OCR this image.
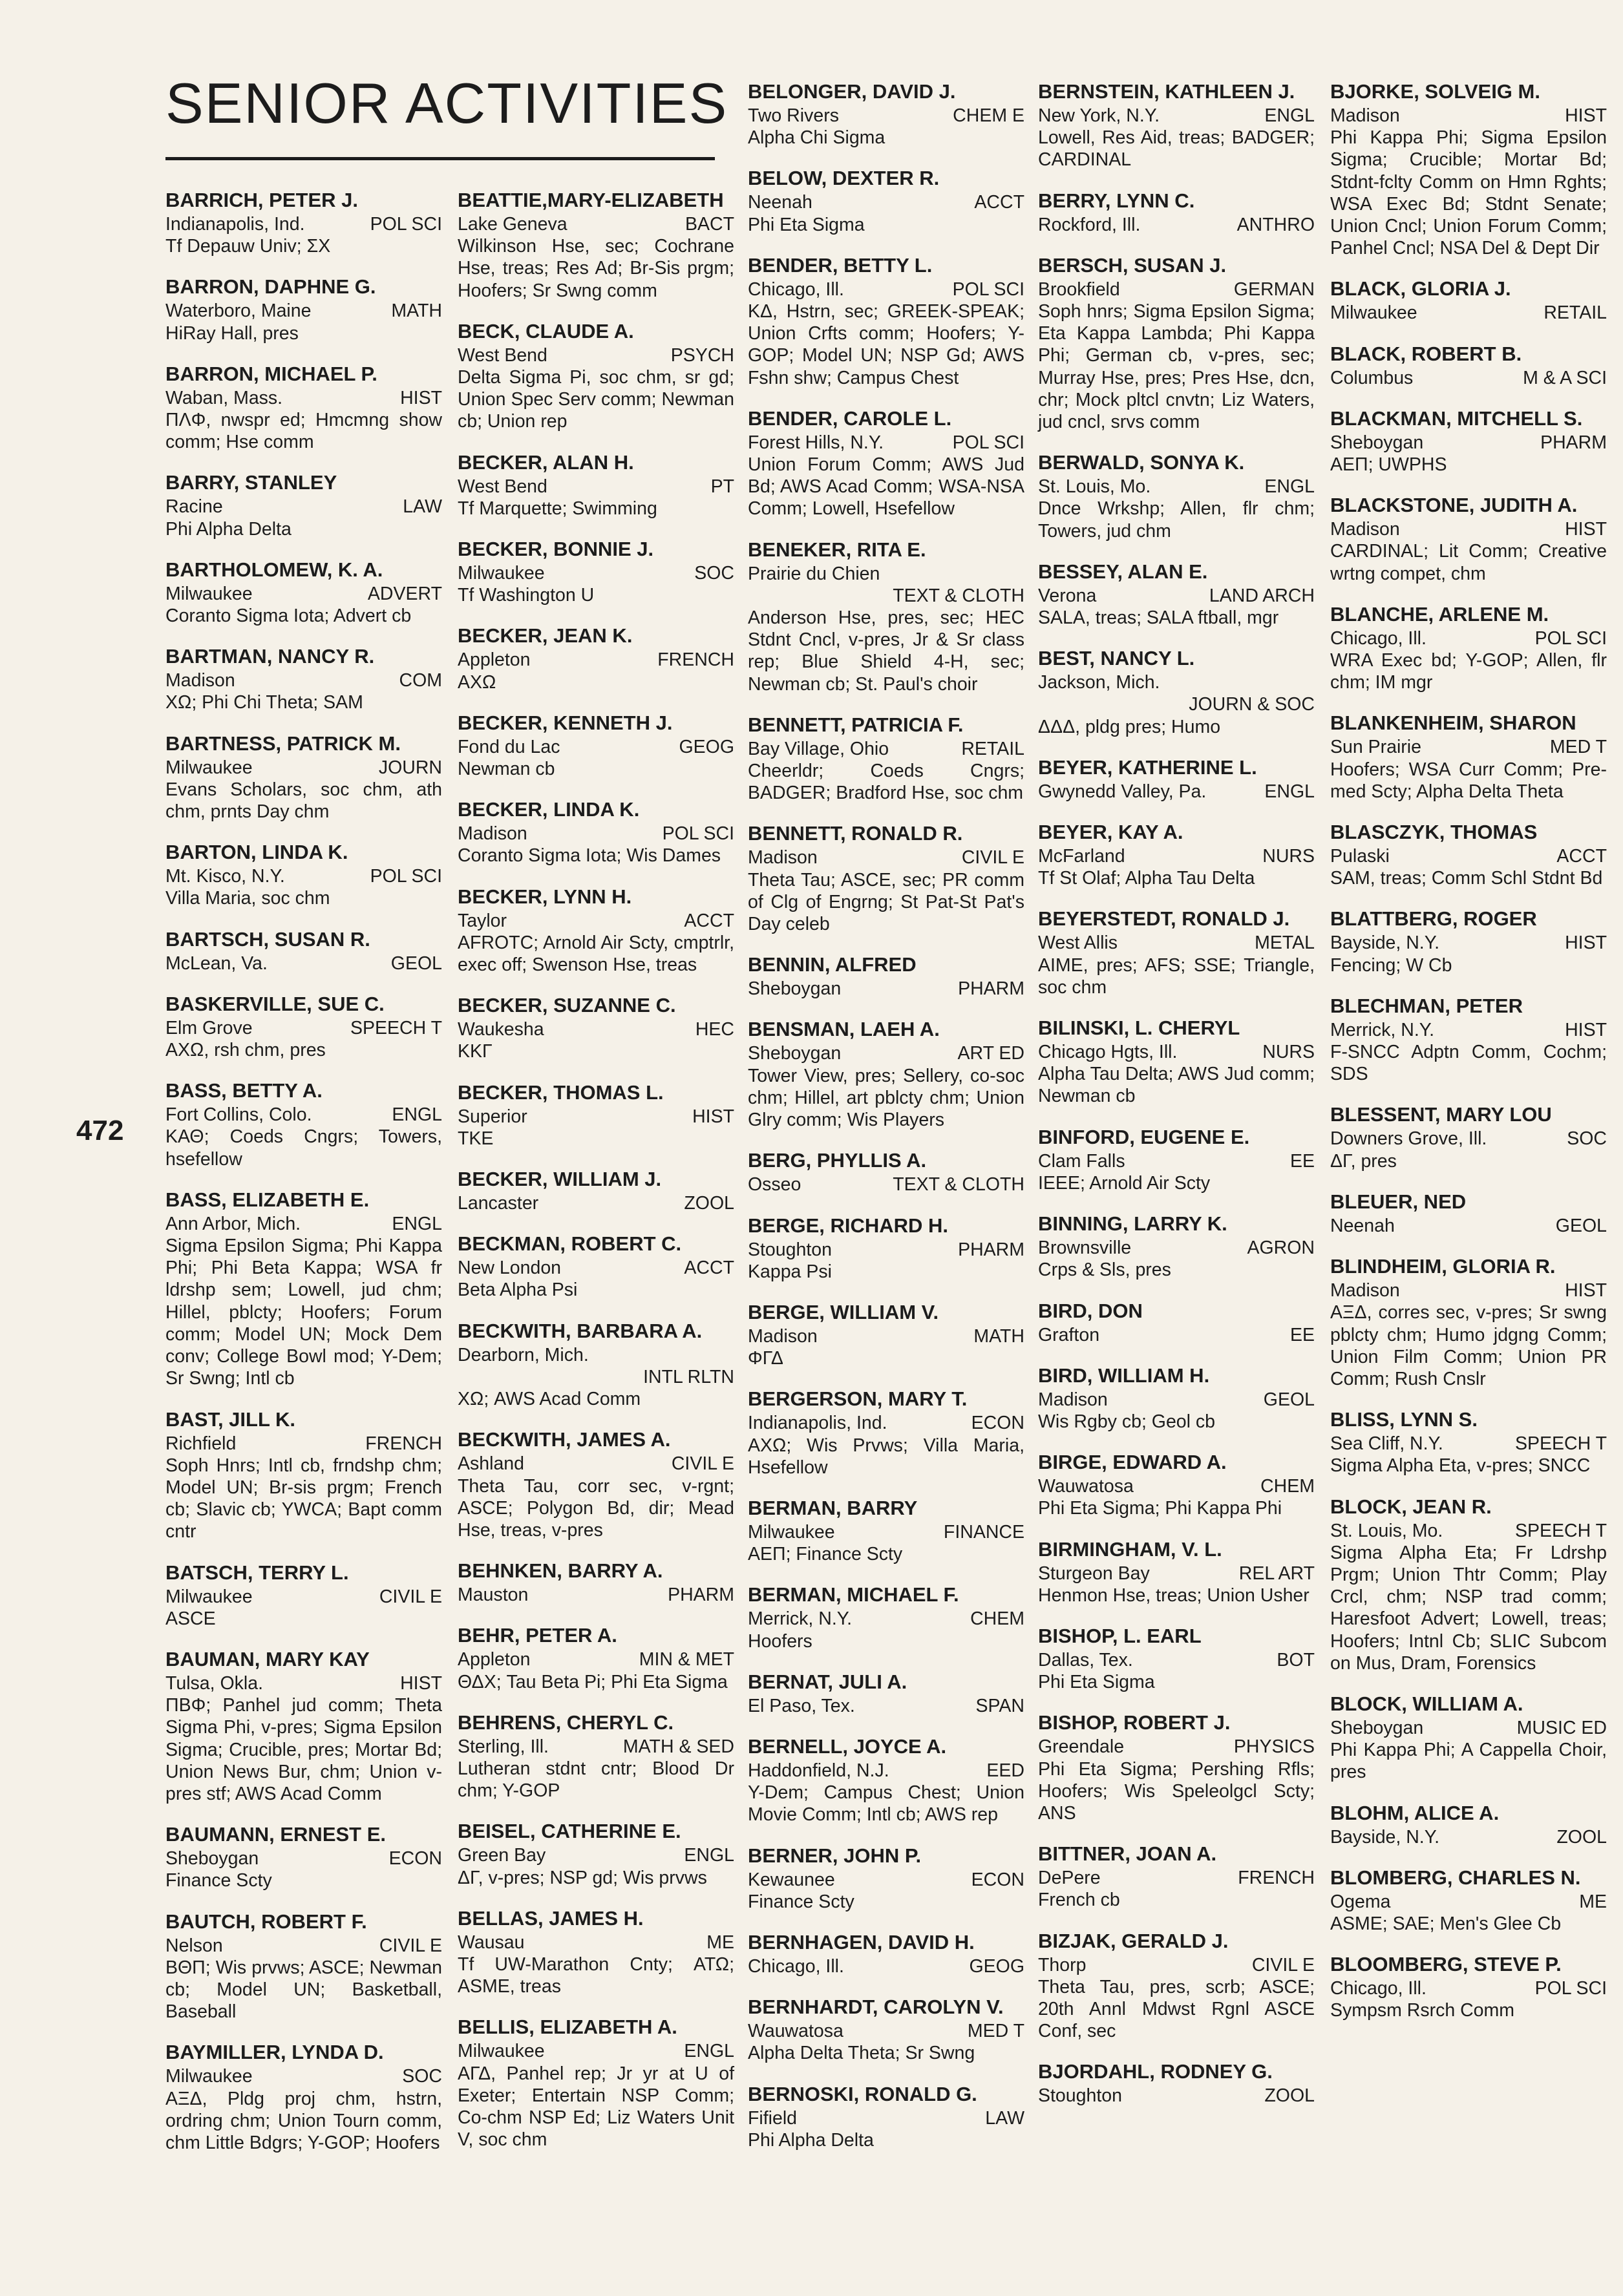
SENIOR ACTIVITIES
472
BARRICH, PETER J.
Indianapolis, Ind.	POL SCI
Tf Depauw Univ; ΣΧ
BARRON, DAPHNE G.
Waterboro, Maine	MATH
HiRay Hall, pres
BARRON, MICHAEL P.
Waban, Mass.	HIST
ΠΛΦ, nwspr ed; Hmcmng show comm; Hse comm
BARRY, STANLEY
Racine	LAW
Phi Alpha Delta
BARTHOLOMEW, K. A.
Milwaukee	ADVERT
Coranto Sigma Iota; Advert cb
BARTMAN, NANCY R.
Madison	COM
ΧΩ; Phi Chi Theta; SAM
BARTNESS, PATRICK M.
Milwaukee	JOURN
Evans Scholars, soc chm, ath chm, prnts Day chm
BARTON, LINDA K.
Mt. Kisco, N.Y.	POL SCI
Villa Maria, soc chm
BARTSCH, SUSAN R.
McLean, Va.	GEOL
BASKERVILLE, SUE C.
Elm Grove	SPEECH T
ΑΧΩ, rsh chm, pres
BASS, BETTY A.
Fort Collins, Colo.	ENGL
ΚΑΘ; Coeds Cngrs; Towers, hsefellow
BASS, ELIZABETH E.
Ann Arbor, Mich.	ENGL
Sigma Epsilon Sigma; Phi Kappa Phi; Phi Beta Kappa; WSA fr ldrshp sem; Lowell, jud chm; Hillel, pblcty; Hoofers; Forum comm; Model UN; Mock Dem conv; College Bowl mod; Y-Dem; Sr Swng; Intl cb
BAST, JILL K.
Richfield	FRENCH
Soph Hnrs; Intl cb, frndshp chm; Model UN; Br-sis prgm; French cb; Slavic cb; YWCA; Bapt comm cntr
BATSCH, TERRY L.
Milwaukee	CIVIL E
ASCE
BAUMAN, MARY KAY
Tulsa, Okla.	HIST
ΠΒΦ; Panhel jud comm; Theta Sigma Phi, v-pres; Sigma Epsilon Sigma; Crucible, pres; Mortar Bd; Union News Bur, chm; Union v-pres stf; AWS Acad Comm
BAUMANN, ERNEST E.
Sheboygan	ECON
Finance Scty
BAUTCH, ROBERT F.
Nelson	CIVIL E
ΒΘΠ; Wis prvws; ASCE; Newman cb; Model UN; Basketball, Baseball
BAYMILLER, LYNDA D.
Milwaukee	SOC
ΑΞΔ, Pldg proj chm, hstrn, ordring chm; Union Tourn comm, chm Little Bdgrs; Y-GOP; Hoofers
BEATTIE,MARY-ELIZABETH
Lake Geneva	BACT
Wilkinson Hse, sec; Cochrane Hse, treas; Res Ad; Br-Sis prgm; Hoofers; Sr Swng comm
BECK, CLAUDE A.
West Bend	PSYCH
Delta Sigma Pi, soc chm, sr gd; Union Spec Serv comm; Newman cb; Union rep
BECKER, ALAN H.
West Bend	PT
Tf Marquette; Swimming
BECKER, BONNIE J.
Milwaukee	SOC
Tf Washington U
BECKER, JEAN K.
Appleton	FRENCH
ΑΧΩ
BECKER, KENNETH J.
Fond du Lac	GEOG
Newman cb
BECKER, LINDA K.
Madison	POL SCI
Coranto Sigma Iota; Wis Dames
BECKER, LYNN H.
Taylor	ACCT
AFROTC; Arnold Air Scty, cmptrlr, exec off; Swenson Hse, treas
BECKER, SUZANNE C.
Waukesha	HEC
ΚΚΓ
BECKER, THOMAS L.
Superior	HIST
ΤΚΕ
BECKER, WILLIAM J.
Lancaster	ZOOL
BECKMAN, ROBERT C.
New London	ACCT
Beta Alpha Psi
BECKWITH, BARBARA A.
Dearborn, Mich.
INTL RLTN
ΧΩ; AWS Acad Comm
BECKWITH, JAMES A.
Ashland	CIVIL E
Theta Tau, corr sec, v-rgnt; ASCE; Polygon Bd, dir; Mead Hse, treas, v-pres
BEHNKEN, BARRY A.
Mauston	PHARM
BEHR, PETER A.
Appleton	MIN & MET
ΘΔΧ; Tau Beta Pi; Phi Eta Sigma
BEHRENS, CHERYL C.
Sterling, Ill.	MATH & SED
Lutheran stdnt cntr; Blood Dr chm; Y-GOP
BEISEL, CATHERINE E.
Green Bay	ENGL
ΔΓ, v-pres; NSP gd; Wis prvws
BELLAS, JAMES H.
Wausau	ME
Tf UW-Marathon Cnty; ΑΤΩ; ASME, treas
BELLIS, ELIZABETH A.
Milwaukee	ENGL
ΑΓΔ, Panhel rep; Jr yr at U of Exeter; Entertain NSP Comm; Co-chm NSP Ed; Liz Waters Unit V, soc chm
BELONGER, DAVID J.
Two Rivers	CHEM E
Alpha Chi Sigma
BELOW, DEXTER R.
Neenah	ACCT
Phi Eta Sigma
BENDER, BETTY L.
Chicago, Ill.	POL SCI
ΚΔ, Hstrn, sec; GREEK-SPEAK; Union Crfts comm; Hoofers; Y-GOP; Model UN; NSP Gd; AWS Fshn shw; Campus Chest
BENDER, CAROLE L.
Forest Hills, N.Y.	POL SCI
Union Forum Comm; AWS Jud Bd; AWS Acad Comm; WSA-NSA Comm; Lowell, Hsefellow
BENEKER, RITA E.
Prairie du Chien
TEXT & CLOTH
Anderson Hse, pres, sec; HEC Stdnt Cncl, v-pres, Jr & Sr class rep; Blue Shield 4-H, sec; Newman cb; St. Paul's choir
BENNETT, PATRICIA F.
Bay Village, Ohio	RETAIL
Cheerldr; Coeds Cngrs; BADGER; Bradford Hse, soc chm
BENNETT, RONALD R.
Madison	CIVIL E
Theta Tau; ASCE, sec; PR comm of Clg of Engrng; St Pat-St Pat's Day celeb
BENNIN, ALFRED
Sheboygan	PHARM
BENSMAN, LAEH A.
Sheboygan	ART ED
Tower View, pres; Sellery, co-soc chm; Hillel, art pblcty chm; Union Glry comm; Wis Players
BERG, PHYLLIS A.
Osseo	TEXT & CLOTH
BERGE, RICHARD H.
Stoughton	PHARM
Kappa Psi
BERGE, WILLIAM V.
Madison	MATH
ΦΓΔ
BERGERSON, MARY T.
Indianapolis, Ind.	ECON
ΑΧΩ; Wis Prvws; Villa Maria, Hsefellow
BERMAN, BARRY
Milwaukee	FINANCE
ΑΕΠ; Finance Scty
BERMAN, MICHAEL F.
Merrick, N.Y.	CHEM
Hoofers
BERNAT, JULI A.
El Paso, Tex.	SPAN
BERNELL, JOYCE A.
Haddonfield, N.J.	EED
Y-Dem; Campus Chest; Union Movie Comm; Intl cb; AWS rep
BERNER, JOHN P.
Kewaunee	ECON
Finance Scty
BERNHAGEN, DAVID H.
Chicago, Ill.	GEOG
BERNHARDT, CAROLYN V.
Wauwatosa	MED T
Alpha Delta Theta; Sr Swng
BERNOSKI, RONALD G.
Fifield	LAW
Phi Alpha Delta
BERNSTEIN, KATHLEEN J.
New York, N.Y.	ENGL
Lowell, Res Aid, treas; BADGER; CARDINAL
BERRY, LYNN C.
Rockford, Ill.	ANTHRO
BERSCH, SUSAN J.
Brookfield	GERMAN
Soph hnrs; Sigma Epsilon Sigma; Eta Kappa Lambda; Phi Kappa Phi; German cb, v-pres, sec; Murray Hse, pres; Pres Hse, dcn, chr; Mock pltcl cnvtn; Liz Waters, jud cncl, srvs comm
BERWALD, SONYA K.
St. Louis, Mo.	ENGL
Dnce Wrkshp; Allen, flr chm; Towers, jud chm
BESSEY, ALAN E.
Verona	LAND ARCH
SALA, treas; SALA ftball, mgr
BEST, NANCY L.
Jackson, Mich.
JOURN & SOC
ΔΔΔ, pldg pres; Humo
BEYER, KATHERINE L.
Gwynedd Valley, Pa.	ENGL
BEYER, KAY A.
McFarland	NURS
Tf St Olaf; Alpha Tau Delta
BEYERSTEDT, RONALD J.
West Allis	METAL
AIME, pres; AFS; SSE; Triangle, soc chm
BILINSKI, L. CHERYL
Chicago Hgts, Ill.	NURS
Alpha Tau Delta; AWS Jud comm; Newman cb
BINFORD, EUGENE E.
Clam Falls	EE
IEEE; Arnold Air Scty
BINNING, LARRY K.
Brownsville	AGRON
Crps & Sls, pres
BIRD, DON
Grafton	EE
BIRD, WILLIAM H.
Madison	GEOL
Wis Rgby cb; Geol cb
BIRGE, EDWARD A.
Wauwatosa	CHEM
Phi Eta Sigma; Phi Kappa Phi
BIRMINGHAM, V. L.
Sturgeon Bay	REL ART
Henmon Hse, treas; Union Usher
BISHOP, L. EARL
Dallas, Tex.	BOT
Phi Eta Sigma
BISHOP, ROBERT J.
Greendale	PHYSICS
Phi Eta Sigma; Pershing Rfls; Hoofers; Wis Speleolgcl Scty; ANS
BITTNER, JOAN A.
DePere	FRENCH
French cb
BIZJAK, GERALD J.
Thorp	CIVIL E
Theta Tau, pres, scrb; ASCE; 20th Annl Mdwst Rgnl ASCE Conf, sec
BJORDAHL, RODNEY G.
Stoughton	ZOOL
BJORKE, SOLVEIG M.
Madison	HIST
Phi Kappa Phi; Sigma Epsilon Sigma; Crucible; Mortar Bd; Stdnt-fclty Comm on Hmn Rghts; WSA Exec Bd; Stdnt Senate; Union Cncl; Union Forum Comm; Panhel Cncl; NSA Del & Dept Dir
BLACK, GLORIA J.
Milwaukee	RETAIL
BLACK, ROBERT B.
Columbus	M & A SCI
BLACKMAN, MITCHELL S.
Sheboygan	PHARM
ΑΕΠ; UWPHS
BLACKSTONE, JUDITH A.
Madison	HIST
CARDINAL; Lit Comm; Creative wrtng compet, chm
BLANCHE, ARLENE M.
Chicago, Ill.	POL SCI
WRA Exec bd; Y-GOP; Allen, flr chm; IM mgr
BLANKENHEIM, SHARON
Sun Prairie	MED T
Hoofers; WSA Curr Comm; Pre-med Scty; Alpha Delta Theta
BLASCZYK, THOMAS
Pulaski	ACCT
SAM, treas; Comm Schl Stdnt Bd
BLATTBERG, ROGER
Bayside, N.Y.	HIST
Fencing; W Cb
BLECHMAN, PETER
Merrick, N.Y.	HIST
F-SNCC Adptn Comm, Cochm; SDS
BLESSENT, MARY LOU
Downers Grove, Ill.	SOC
ΔΓ, pres
BLEUER, NED
Neenah	GEOL
BLINDHEIM, GLORIA R.
Madison	HIST
ΑΞΔ, corres sec, v-pres; Sr swng pblcty chm; Humo jdgng Comm; Union Film Comm; Union PR Comm; Rush Cnslr
BLISS, LYNN S.
Sea Cliff, N.Y.	SPEECH T
Sigma Alpha Eta, v-pres; SNCC
BLOCK, JEAN R.
St. Louis, Mo.	SPEECH T
Sigma Alpha Eta; Fr Ldrshp Prgm; Union Thtr Comm; Play Crcl, chm; NSP trad comm; Haresfoot Advert; Lowell, treas; Hoofers; Intnl Cb; SLIC Subcom on Mus, Dram, Forensics
BLOCK, WILLIAM A.
Sheboygan	MUSIC ED
Phi Kappa Phi; A Cappella Choir, pres
BLOHM, ALICE A.
Bayside, N.Y.	ZOOL
BLOMBERG, CHARLES N.
Ogema	ME
ASME; SAE; Men's Glee Cb
BLOOMBERG, STEVE P.
Chicago, Ill.	POL SCI
Sympsm Rsrch Comm
